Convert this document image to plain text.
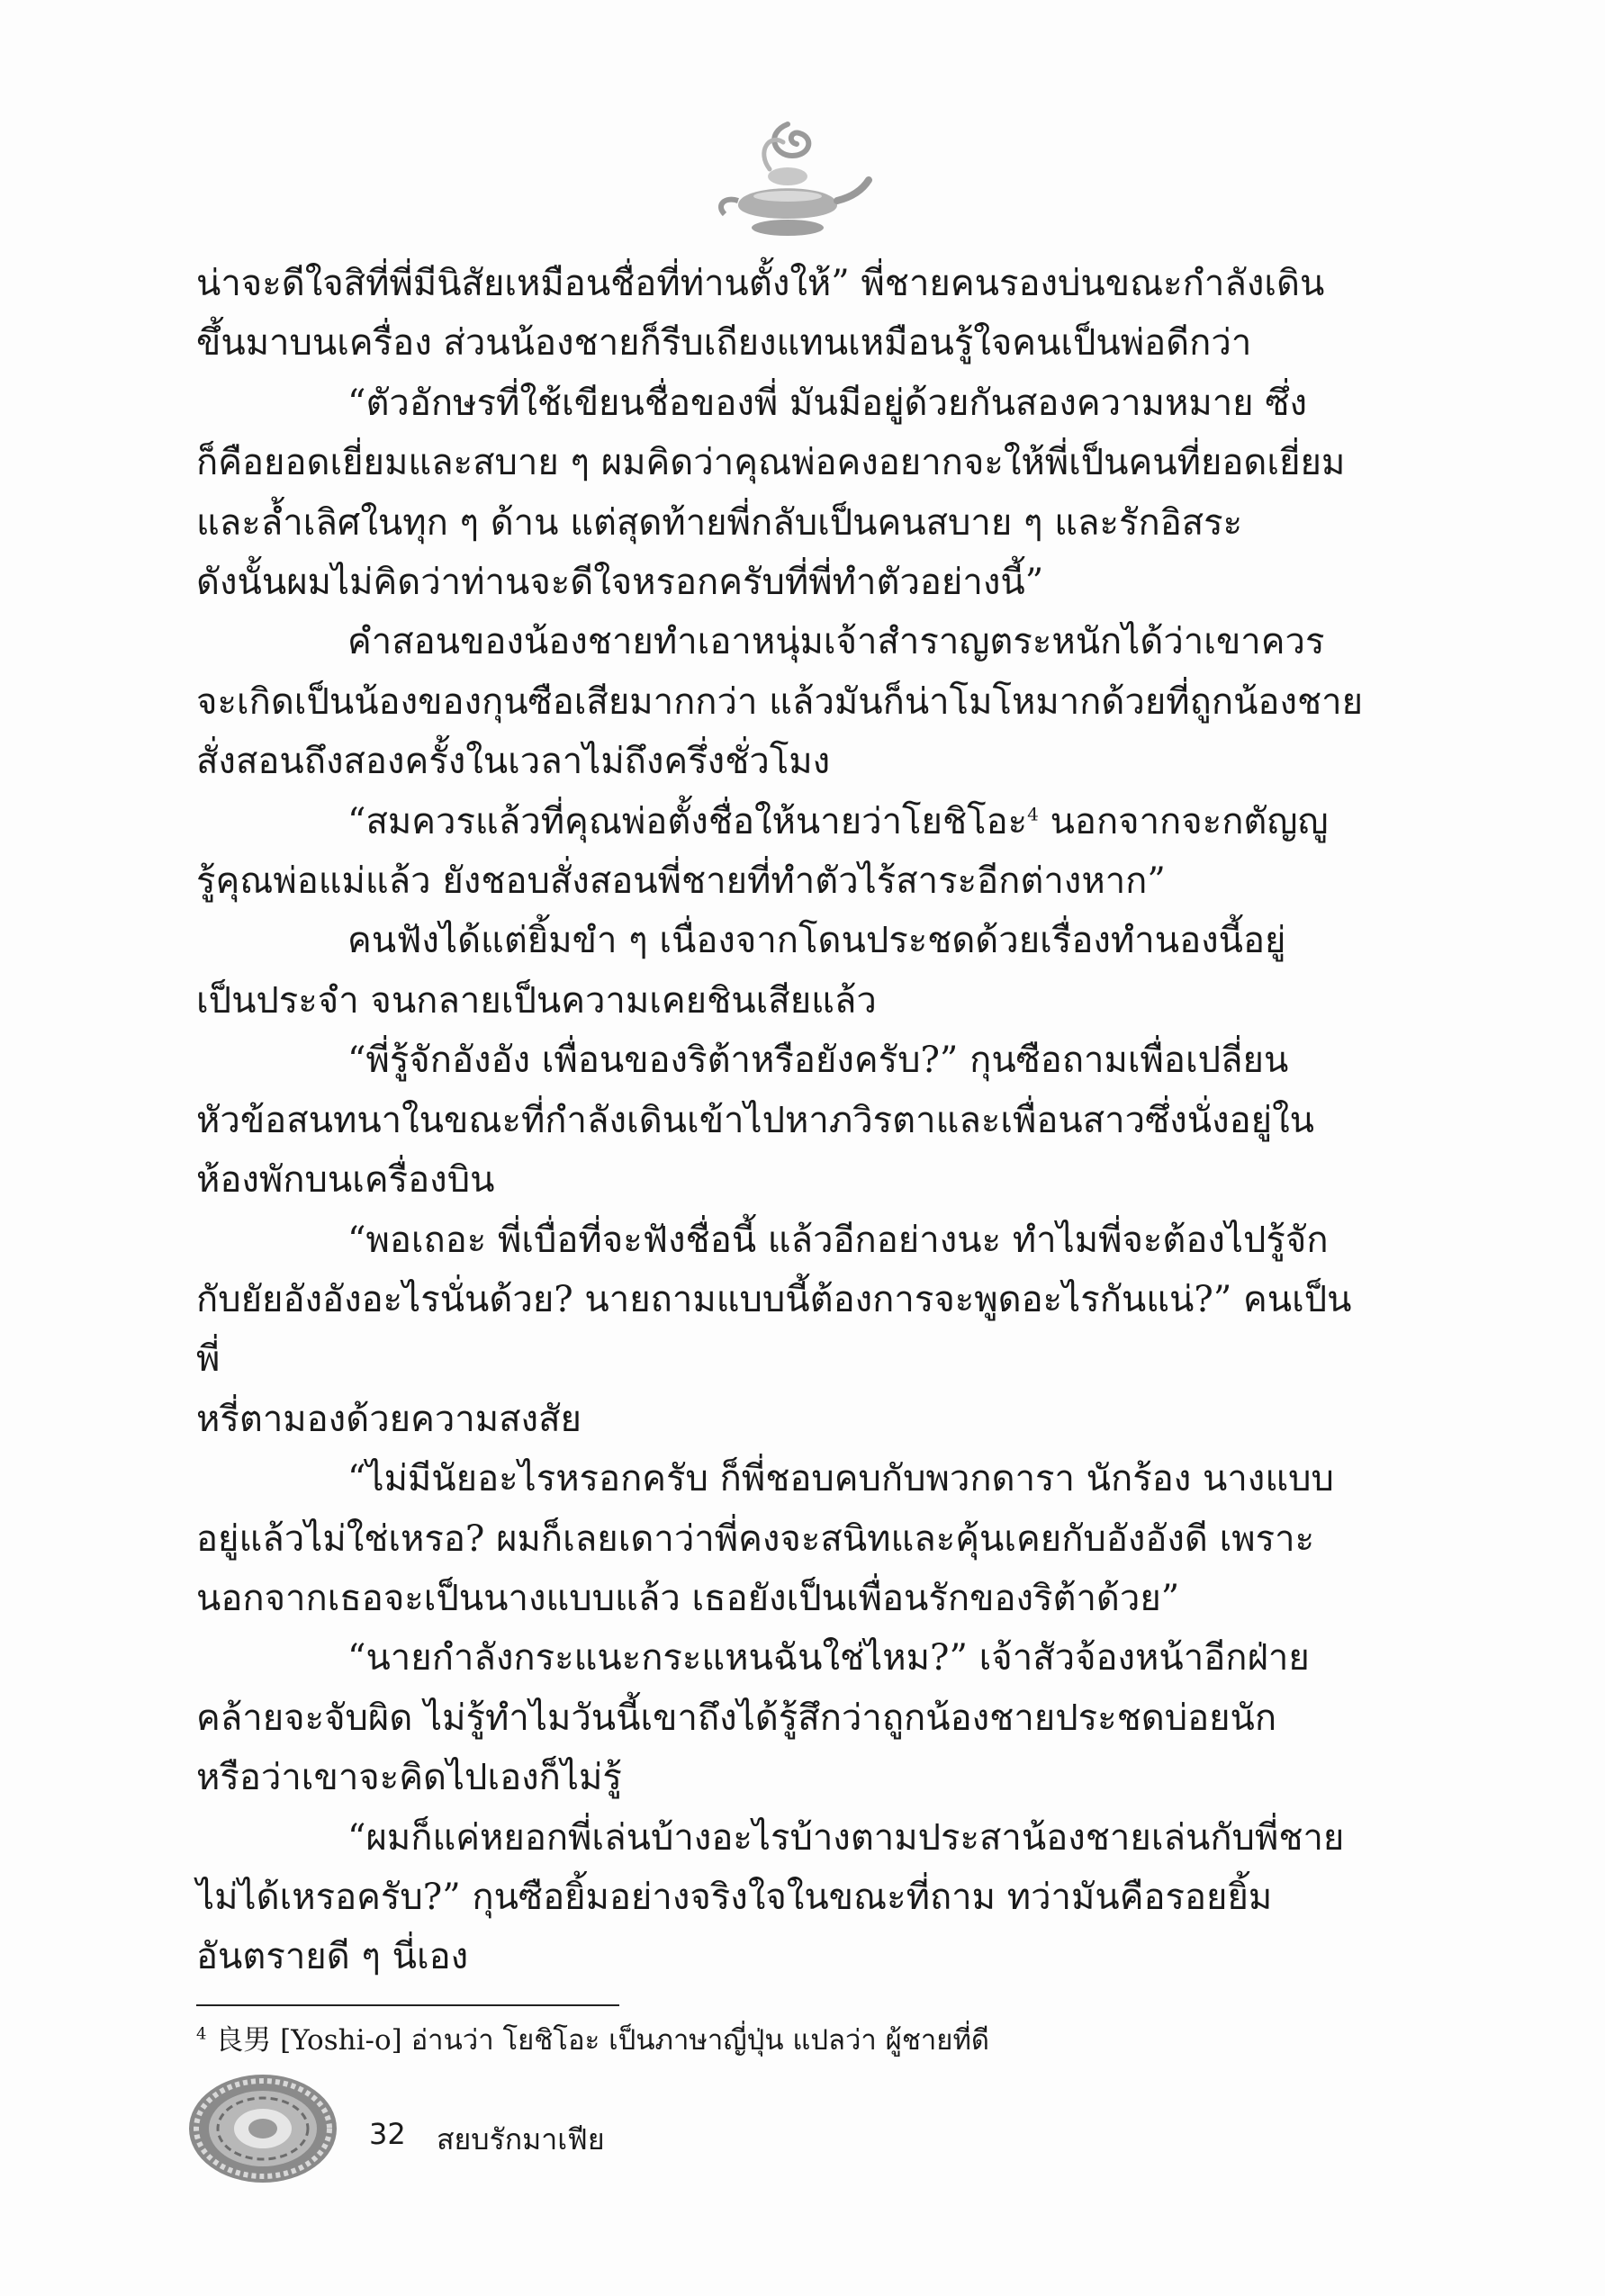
น่าจะดีใจสิที่พี่มีนิสัยเหมือนชื่อที่ท่านตั้งให้” พี่ชายคนรองบ่นขณะกำลังเดิน
ขึ้นมาบนเครื่อง ส่วนน้องชายก็รีบเถียงแทนเหมือนรู้ใจคนเป็นพ่อดีกว่า

“ตัวอักษรที่ใช้เขียนชื่อของพี่ มันมีอยู่ด้วยกันสองความหมาย ซึ่ง
ก็คือยอดเยี่ยมและสบาย ๆ ผมคิดว่าคุณพ่อคงอยากจะให้พี่เป็นคนที่ยอดเยี่ยม
และล้ำเลิศในทุก ๆ ด้าน แต่สุดท้ายพี่กลับเป็นคนสบาย ๆ และรักอิสระ
ดังนั้นผมไม่คิดว่าท่านจะดีใจหรอกครับที่พี่ทำตัวอย่างนี้”

คำสอนของน้องชายทำเอาหนุ่มเจ้าสำราญตระหนักได้ว่าเขาควร
จะเกิดเป็นน้องของกุนซือเสียมากกว่า แล้วมันก็น่าโมโหมากด้วยที่ถูกน้องชาย
สั่งสอนถึงสองครั้งในเวลาไม่ถึงครึ่งชั่วโมง

“สมควรแล้วที่คุณพ่อตั้งชื่อให้นายว่าโยชิโอะ$^4$ นอกจากจะกตัญญู
รู้คุณพ่อแม่แล้ว ยังชอบสั่งสอนพี่ชายที่ทำตัวไร้สาระอีกต่างหาก”

คนฟังได้แต่ยิ้มขำ ๆ เนื่องจากโดนประชดด้วยเรื่องทำนองนี้อยู่
เป็นประจำ จนกลายเป็นความเคยชินเสียแล้ว

“พี่รู้จักอังอัง เพื่อนของริต้าหรือยังครับ?” กุนซือถามเพื่อเปลี่ยน
หัวข้อสนทนาในขณะที่กำลังเดินเข้าไปหาภวิรตาและเพื่อนสาวซึ่งนั่งอยู่ใน
ห้องพักบนเครื่องบิน

“พอเถอะ พี่เบื่อที่จะฟังชื่อนี้ แล้วอีกอย่างนะ ทำไมพี่จะต้องไปรู้จัก
กับยัยอังอังอะไรนั่นด้วย? นายถามแบบนี้ต้องการจะพูดอะไรกันแน่?” คนเป็นพี่
หรี่ตามองด้วยความสงสัย

“ไม่มีนัยอะไรหรอกครับ ก็พี่ชอบคบกับพวกดารา นักร้อง นางแบบ
อยู่แล้วไม่ใช่เหรอ? ผมก็เลยเดาว่าพี่คงจะสนิทและคุ้นเคยกับอังอังดี เพราะ
นอกจากเธอจะเป็นนางแบบแล้ว เธอยังเป็นเพื่อนรักของริต้าด้วย”

“นายกำลังกระแนะกระแหนฉันใช่ไหม?” เจ้าสัวจ้องหน้าอีกฝ่าย
คล้ายจะจับผิด ไม่รู้ทำไมวันนี้เขาถึงได้รู้สึกว่าถูกน้องชายประชดบ่อยนัก
หรือว่าเขาจะคิดไปเองก็ไม่รู้

“ผมก็แค่หยอกพี่เล่นบ้างอะไรบ้างตามประสาน้องชายเล่นกับพี่ชาย
ไม่ได้เหรอครับ?” กุนซือยิ้มอย่างจริงใจในขณะที่ถาม ทว่ามันคือรอยยิ้ม
อันตรายดี ๆ นี่เอง

$^4$ 良男 [Yoshi-o] อ่านว่า โยชิโอะ เป็นภาษาญี่ปุ่น แปลว่า ผู้ชายที่ดี
32 สยบรักมาเฟีย
